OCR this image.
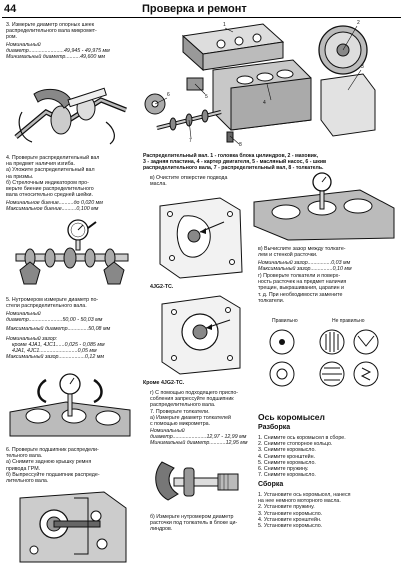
44	Проверка и ремонт
3. Измерьте диаметр опорных шеек
распределительного вала микромет-
ром.
Номинальный
диаметр........................49,945 - 49,975 мм
Минимальный диаметр..........49,600 мм
4. Проверьте распределительный вал
на предмет наличия изгиба.
а) Уложите распределительный вал
на призмы.
б) Стрелочным индикатором про-
верьте биение распределительного
вала относительно средней шейки.
Номинальное биение..........до 0,020 мм
Максимальное биение..........0,100 мм
5. Нутромером измерьте диаметр по-
стели распределительного вала.
Номинальный
диаметр.......................50,00 - 50,03 мм
Максимальный диаметр..............50,08 мм
Номинальный зазор:
кроме 4JA1, 4JC1......0,025 - 0,085 мм
4JA1, 4JC1..........................0,05 мм
Максимальный зазор..................0,12 мм
6. Проверьте подшипник распредели-
тельного вала.
а) Снимите заднюю крышку ремня
привода ГРМ.
б) Выпрессуйте подшипник распреде-
лительного вала.
1	2
3
4
5
6
7
8
Распределительный вал. 1 - головка блока цилиндров, 2 - маховик,
3 - задняя пластина, 4 - картер двигателя, 5 - масляный насос, 6 - шкив
распределительного вала, 7 - распределительный вал, 8 - толкатель.
в) Очистите отверстие подвода
масла.
4JG2-TC.
Кроме 4JG2-TC.
г) С помощью подходящего приспо-
собления запрессуйте подшипник
распределительного вала.
7. Проверьте толкатели.
а) Измерьте диаметр толкателей
с помощью микрометра.
Номинальный
диаметр.......................12,97 - 12,99 мм
Минимальный диаметр...........12,95 мм
б) Измерьте нутромером диаметр
расточки под толкатель в блоке ци-
линдров.
в) Вычислите зазор между толкате-
лем и стенкой расточки.
Номинальный зазор................0,03 мм
Максимальный зазор...............0,10 мм
г) Проверьте толкатели и поверх-
ность расточек на предмет наличия
трещин, выкрашивания, царапин и
т. д. При необходимости замените
толкатели.
Правильно	Не правильно
Ось коромысел
Разборка
1. Снимите ось коромысел в сборе.
2. Снимите стопорное кольцо.
3. Снимите коромысло.
4. Снимите кронштейн.
5. Снимите коромысло.
6. Снимите пружину.
7. Снимите коромысло.
Сборка
1. Установите ось коромысел, нанеся
на нее немного моторного масла.
2. Установите пружину.
3. Установите коромысло.
4. Установите кронштейн.
5. Установите коромысло.
